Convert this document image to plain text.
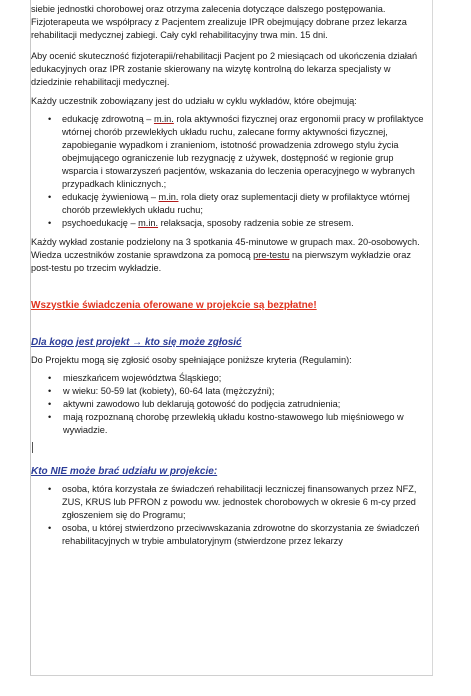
siebie jednostki chorobowej oraz otrzyma zalecenia dotyczące dalszego postępowania. Fizjoterapeuta we współpracy z Pacjentem zrealizuje IPR obejmujący dobrane przez lekarza rehabilitacji medycznej zabiegi. Cały cykl rehabilitacyjny trwa min. 15 dni.

Aby ocenić skuteczność fizjoterapii/rehabilitacji Pacjent po 2 miesiącach od ukończenia działań edukacyjnych oraz IPR zostanie skierowany na wizytę kontrolną do lekarza specjalisty w dziedzinie rehabilitacji medycznej.

Każdy uczestnik zobowiązany jest do udziału w cyklu wykładów, które obejmują:

• edukację zdrowotną – m.in. rola aktywności fizycznej oraz ergonomii pracy w profilaktyce wtórnej chorób przewlekłych układu ruchu, zalecane formy aktywności fizycznej, zapobieganie wypadkom i zranieniom, istotność prowadzenia zdrowego stylu życia obejmującego ograniczenie lub rezygnację z używek, dostępność w regionie grup wsparcia i stowarzyszeń pacjentów, wskazania do leczenia operacyjnego w wybranych przypadkach klinicznych.;
• edukację żywieniową – m.in. rola diety oraz suplementacji diety w profilaktyce wtórnej chorób przewlekłych układu ruchu;
• psychoedukację – m.in. relaksacja, sposoby radzenia sobie ze stresem.

Każdy wykład zostanie podzielony na 3 spotkania 45-minutowe w grupach max. 20-osobowych. Wiedza uczestników zostanie sprawdzona za pomocą pre-testu na pierwszym wykładzie oraz post-testu po trzecim wykładzie.

Wszystkie świadczenia oferowane w projekcie są bezpłatne!

Dla kogo jest projekt → kto się może zgłosić

Do Projektu mogą się zgłosić osoby spełniające poniższe kryteria (Regulamin):

• mieszkańcem województwa Śląskiego;
• w wieku: 50-59 lat (kobiety), 60-64 lata (mężczyźni);
• aktywni zawodowo lub deklarują gotowość do podjęcia zatrudnienia;
• mają rozpoznaną chorobę przewlekłą układu kostno-stawowego lub mięśniowego w wywiadzie.

Kto NIE może brać udziału w projekcie:

• osoba, która korzystała ze świadczeń rehabilitacji leczniczej finansowanych przez NFZ, ZUS, KRUS lub PFRON z powodu ww. jednostek chorobowych w okresie 6 m-cy przed zgłoszeniem się do Programu;
• osoba, u której stwierdzono przeciwwskazania zdrowotne do skorzystania ze świadczeń rehabilitacyjnych w trybie ambulatoryjnym (stwierdzone przez lekarzy
